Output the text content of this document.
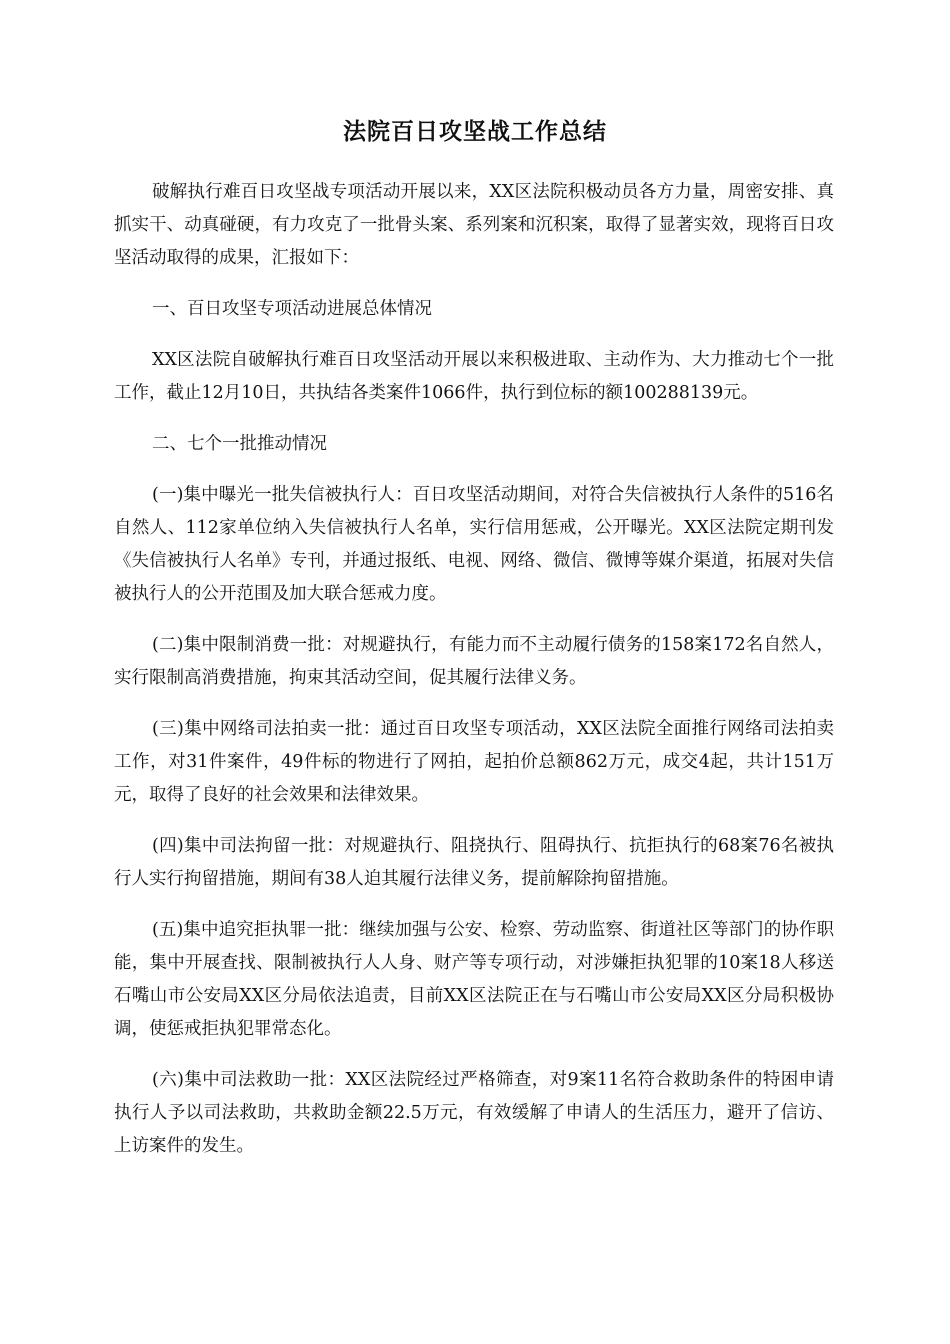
法院百日攻坚战工作总结

破解执行难百日攻坚战专项活动开展以来，XX区法院积极动员各方力量，周密安排、真抓实干、动真碰硬，有力攻克了一批骨头案、系列案和沉积案，取得了显著实效，现将百日攻坚活动取得的成果，汇报如下：

一、百日攻坚专项活动进展总体情况

XX区法院自破解执行难百日攻坚活动开展以来积极进取、主动作为、大力推动七个一批工作，截止12月10日，共执结各类案件1066件，执行到位标的额100288139元。

二、七个一批推动情况

(一)集中曝光一批失信被执行人：百日攻坚活动期间，对符合失信被执行人条件的516名自然人、112家单位纳入失信被执行人名单，实行信用惩戒，公开曝光。XX区法院定期刊发《失信被执行人名单》专刊，并通过报纸、电视、网络、微信、微博等媒介渠道，拓展对失信被执行人的公开范围及加大联合惩戒力度。

(二)集中限制消费一批：对规避执行，有能力而不主动履行债务的158案172名自然人，实行限制高消费措施，拘束其活动空间，促其履行法律义务。

(三)集中网络司法拍卖一批：通过百日攻坚专项活动，XX区法院全面推行网络司法拍卖工作，对31件案件，49件标的物进行了网拍，起拍价总额862万元，成交4起，共计151万元，取得了良好的社会效果和法律效果。

(四)集中司法拘留一批：对规避执行、阻挠执行、阻碍执行、抗拒执行的68案76名被执行人实行拘留措施，期间有38人迫其履行法律义务，提前解除拘留措施。

(五)集中追究拒执罪一批：继续加强与公安、检察、劳动监察、街道社区等部门的协作职能，集中开展查找、限制被执行人人身、财产等专项行动，对涉嫌拒执犯罪的10案18人移送石嘴山市公安局XX区分局依法追责，目前XX区法院正在与石嘴山市公安局XX区分局积极协调，使惩戒拒执犯罪常态化。

(六)集中司法救助一批：XX区法院经过严格筛查，对9案11名符合救助条件的特困申请执行人予以司法救助，共救助金额22.5万元，有效缓解了申请人的生活压力，避开了信访、上访案件的发生。
